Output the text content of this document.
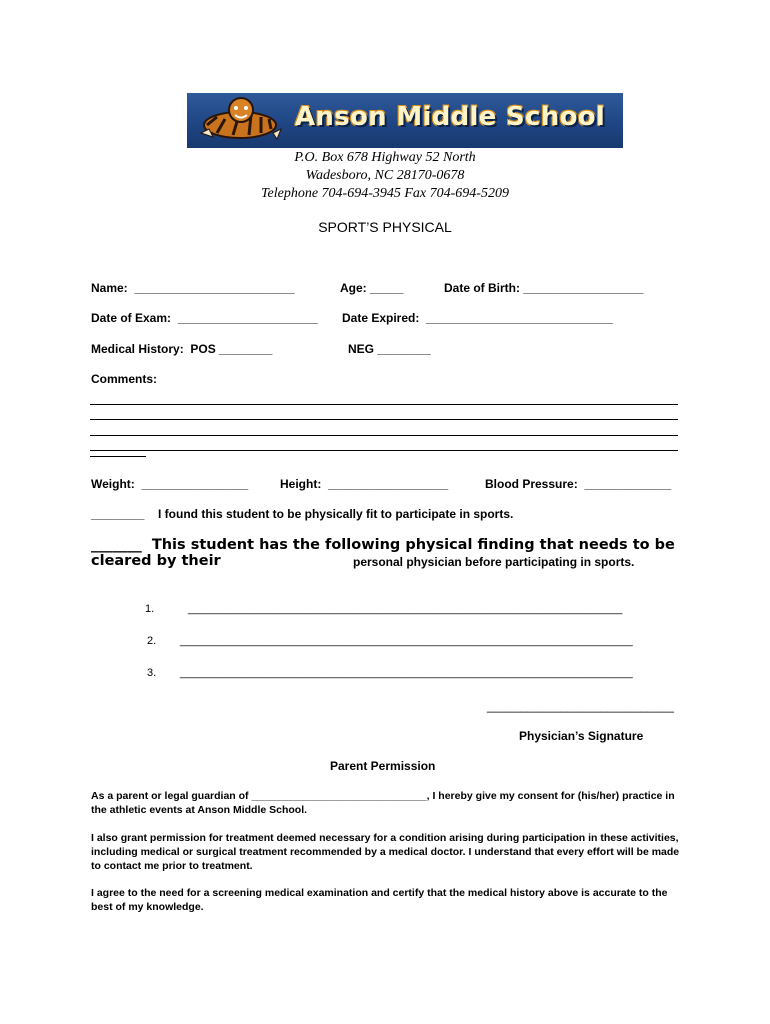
Anson Middle School
P.O. Box 678 Highway 52 North
Wadesboro, NC 28170-0678
Telephone 704-694-3945 Fax 704-694-5209
SPORT’S PHYSICAL
Name:  ________________________	Age: _____	Date of Birth: __________________
Date of Exam:  _____________________ Date Expired:  ____________________________
Medical History:  POS ________	NEG ________
Comments:
Weight:  ________________	Height:  __________________	Blood Pressure:  _____________
________ I found this student to be physically fit to participate in sports.
_______  This student has the following physical finding that needs to be
cleared by their	personal physician before participating in sports.
1.	_______________________________________________________________________
2. __________________________________________________________________________
3. __________________________________________________________________________
____________________________
Physician’s Signature
Parent Permission
As a parent or legal guardian of ______________________________, I hereby give my consent for (his/her) practice in the athletic events at Anson Middle School.
I also grant permission for treatment deemed necessary for a condition arising during participation in these activities, including medical or surgical treatment recommended by a medical doctor. I understand that every effort will be made to contact me prior to treatment.
I agree to the need for a screening medical examination and certify that the medical history above is accurate to the best of my knowledge.
